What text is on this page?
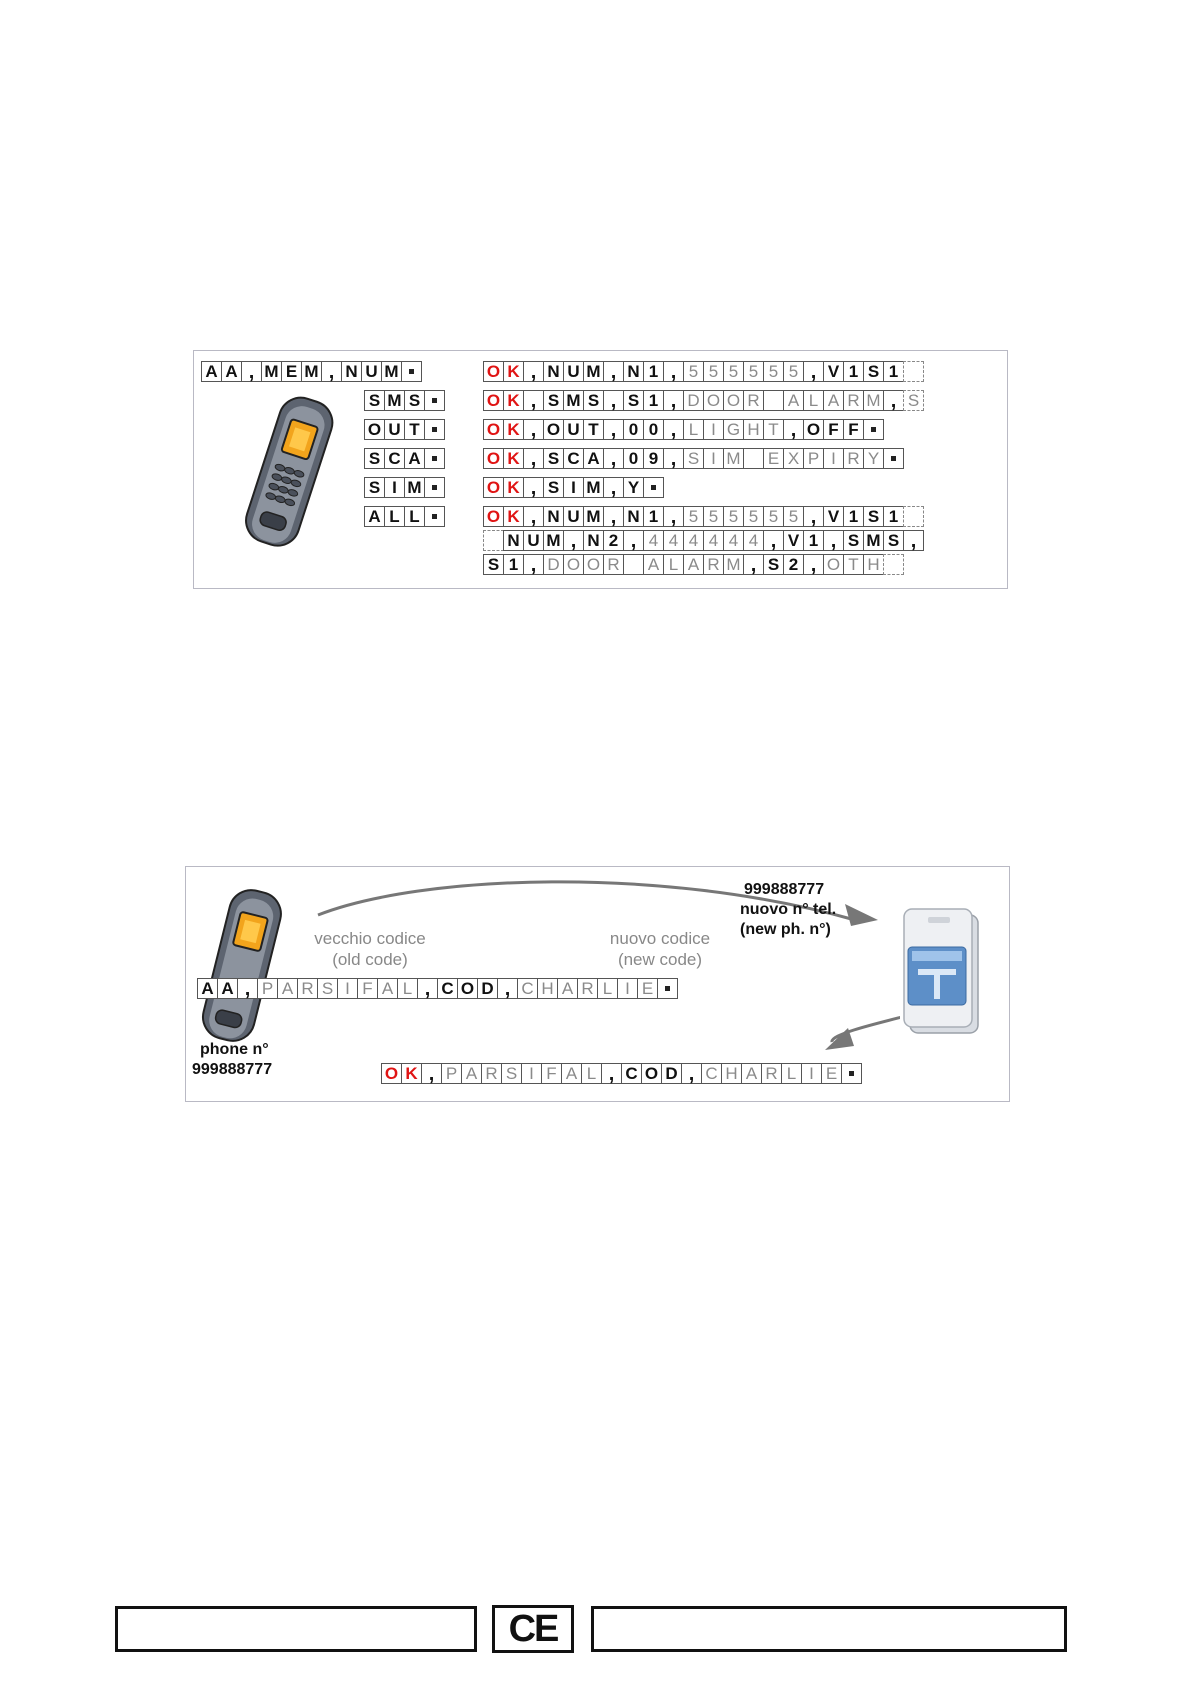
A A , M E M , N U M
S M S
O U T
S C A
S I M
A L L
O K , N U M , N 1 , 5 5 5 5 5 5 , V 1 S 1
O K , S M S , S 1 , D O O R A L A R M , S
O K , O U T , 0 0 , L I G H T , O F F
O K , S C A , 0 9 , S I M E X P I R Y
O K , S I M , Y
O K , N U M , N 1 , 5 5 5 5 5 5 , V 1 S 1
N U M , N 2 , 4 4 4 4 4 4 , V 1 , S M S ,
S 1 , D O O R A L A R M , S 2 , O T H
vecchio codice
(old code)
nuovo codice
(new code)
999888777
nuovo n° tel.
(new ph. n°)
phone n°
999888777
A A , P A R S I F A L , C O D , C H A R L I E
O K , P A R S I F A L , C O D , C H A R L I E
CE
